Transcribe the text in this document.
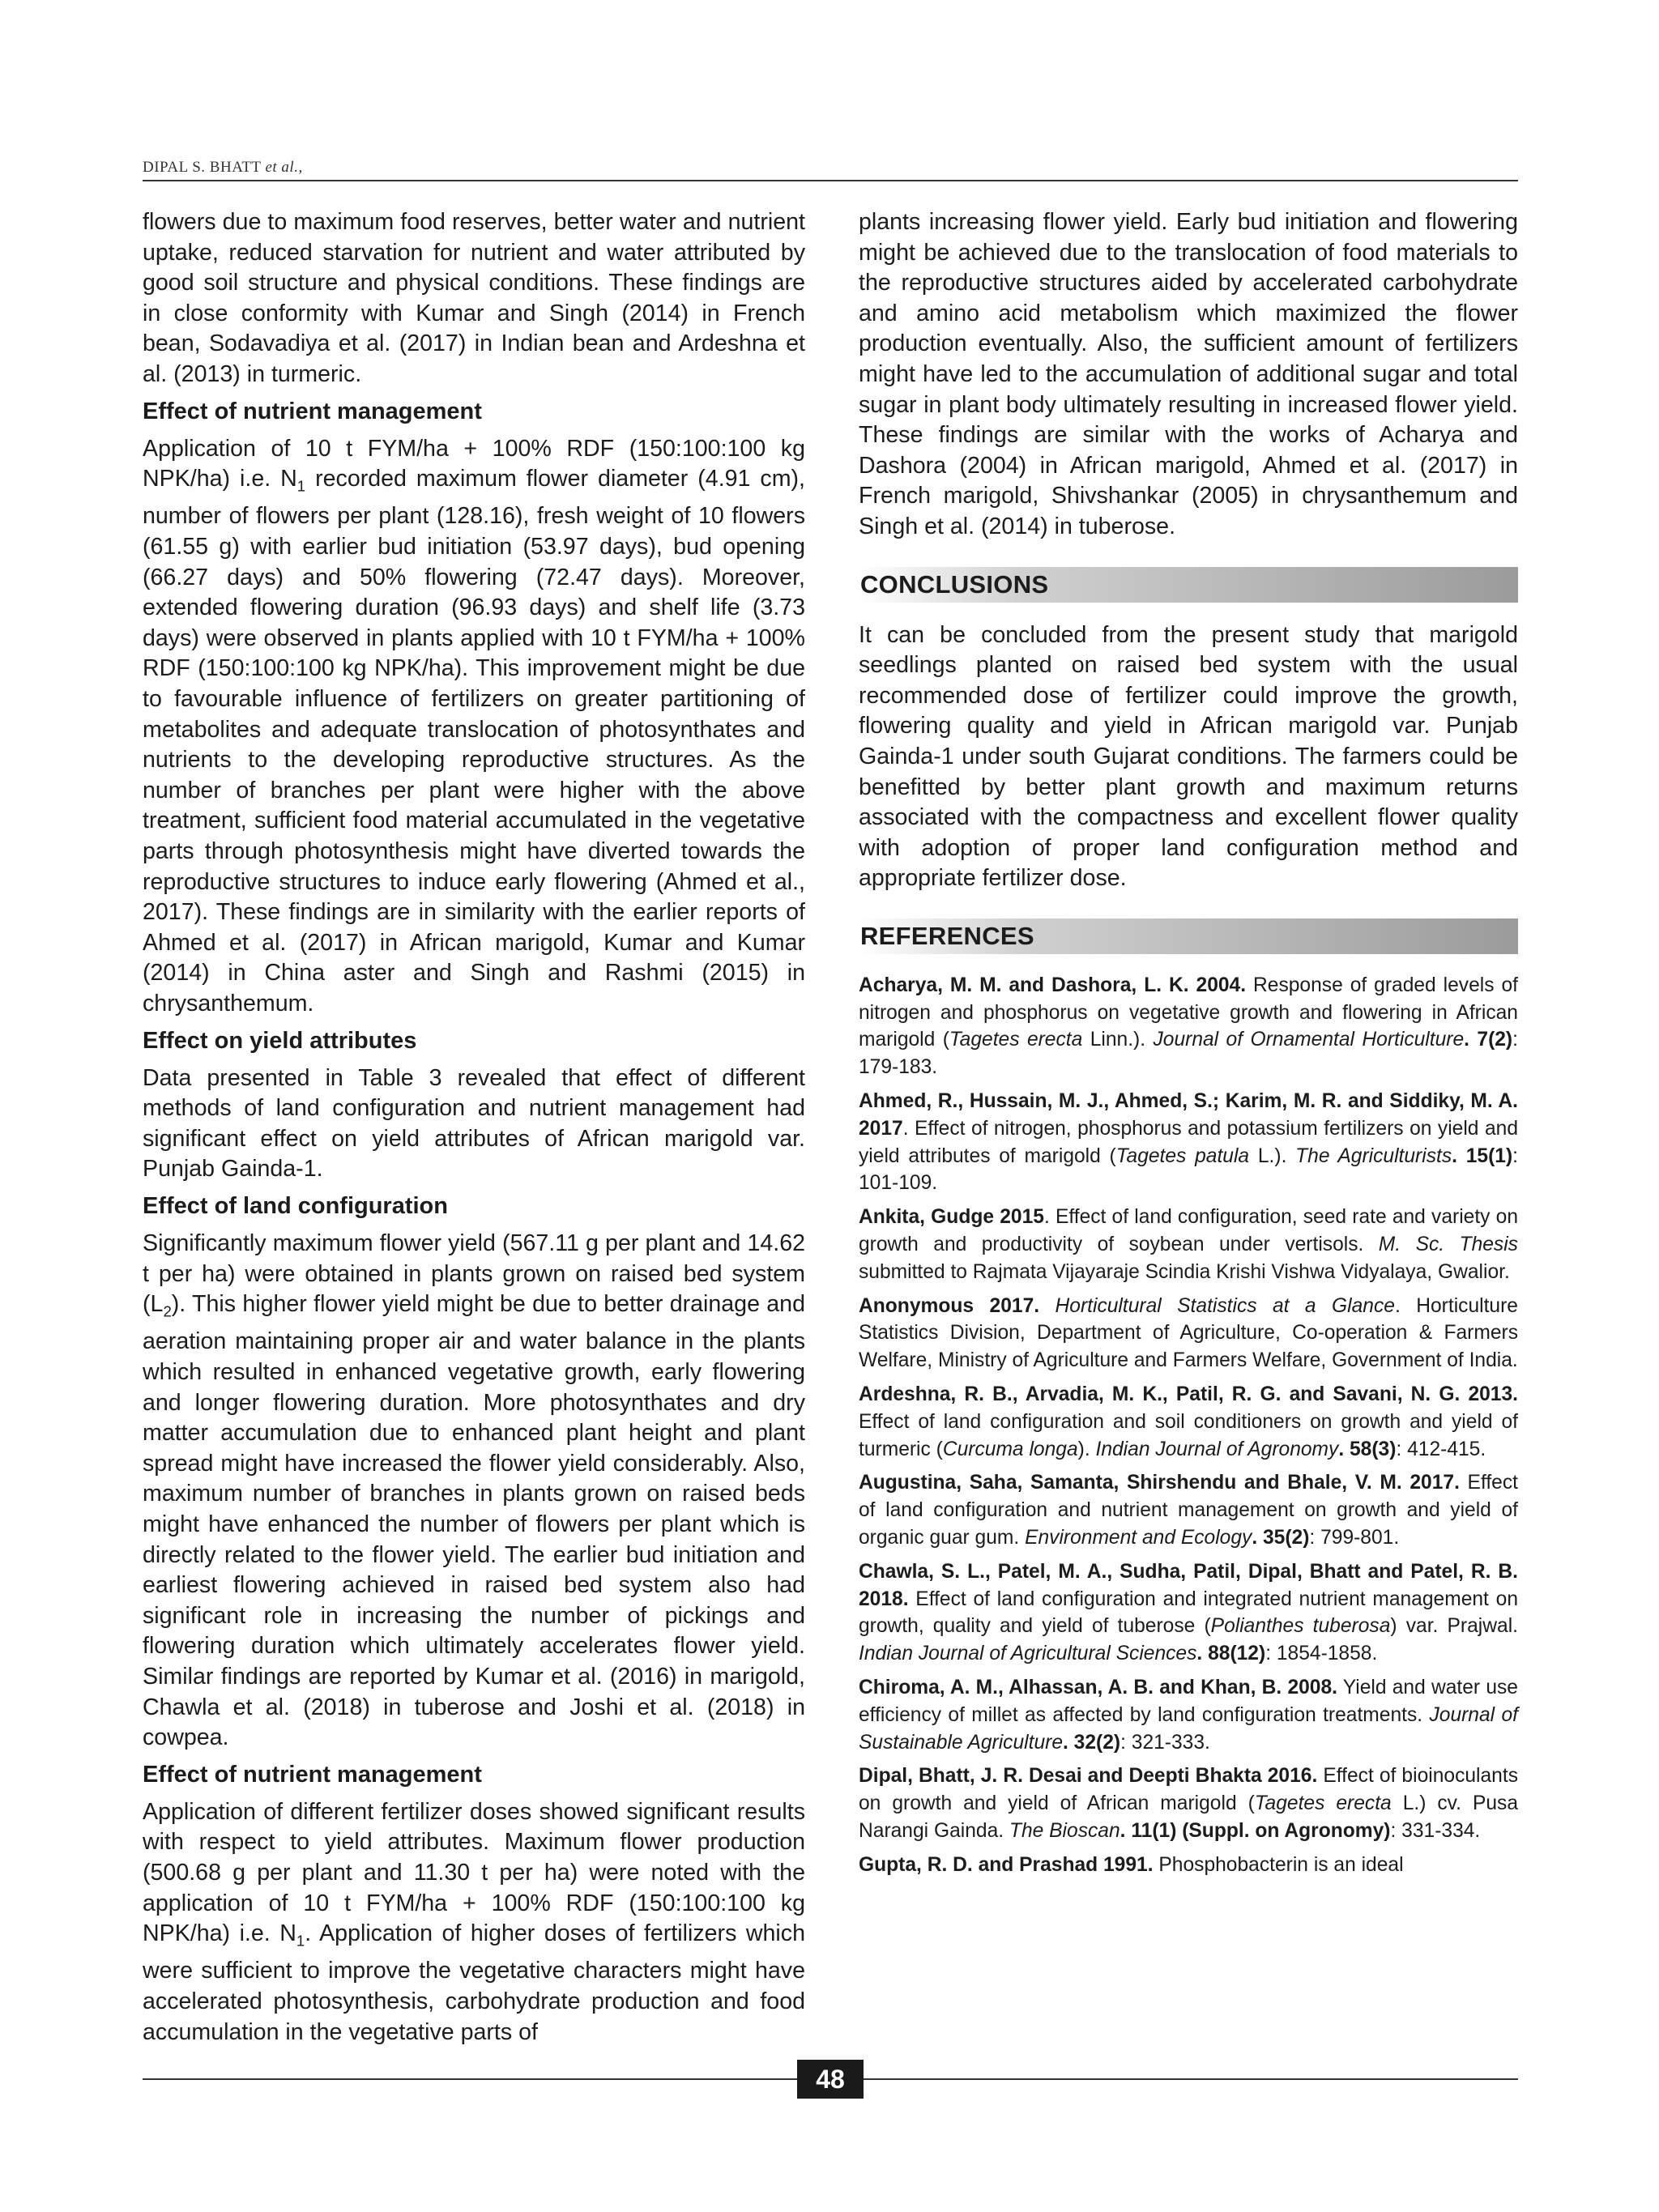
DIPAL S. BHATT et al.,

flowers due to maximum food reserves, better water and nutrient uptake, reduced starvation for nutrient and water attributed by good soil structure and physical conditions. These findings are in close conformity with Kumar and Singh (2014) in French bean, Sodavadiya et al. (2017) in Indian bean and Ardeshna et al. (2013) in turmeric.

Effect of nutrient management

Application of 10 t FYM/ha + 100% RDF (150:100:100 kg NPK/ha) i.e. $N_1$ recorded maximum flower diameter (4.91 cm), number of flowers per plant (128.16), fresh weight of 10 flowers (61.55 g) with earlier bud initiation (53.97 days), bud opening (66.27 days) and 50% flowering (72.47 days). Moreover, extended flowering duration (96.93 days) and shelf life (3.73 days) were observed in plants applied with 10 t FYM/ha + 100% RDF (150:100:100 kg NPK/ha). This improvement might be due to favourable influence of fertilizers on greater partitioning of metabolites and adequate translocation of photosynthates and nutrients to the developing reproductive structures. As the number of branches per plant were higher with the above treatment, sufficient food material accumulated in the vegetative parts through photosynthesis might have diverted towards the reproductive structures to induce early flowering (Ahmed et al., 2017). These findings are in similarity with the earlier reports of Ahmed et al. (2017) in African marigold, Kumar and Kumar (2014) in China aster and Singh and Rashmi (2015) in chrysanthemum.

Effect on yield attributes

Data presented in Table 3 revealed that effect of different methods of land configuration and nutrient management had significant effect on yield attributes of African marigold var. Punjab Gainda-1.

Effect of land configuration

Significantly maximum flower yield (567.11 g per plant and 14.62 t per ha) were obtained in plants grown on raised bed system $(L_2)$. This higher flower yield might be due to better drainage and aeration maintaining proper air and water balance in the plants which resulted in enhanced vegetative growth, early flowering and longer flowering duration. More photosynthates and dry matter accumulation due to enhanced plant height and plant spread might have increased the flower yield considerably. Also, maximum number of branches in plants grown on raised beds might have enhanced the number of flowers per plant which is directly related to the flower yield. The earlier bud initiation and earliest flowering achieved in raised bed system also had significant role in increasing the number of pickings and flowering duration which ultimately accelerates flower yield. Similar findings are reported by Kumar et al. (2016) in marigold, Chawla et al. (2018) in tuberose and Joshi et al. (2018) in cowpea.

Effect of nutrient management

Application of different fertilizer doses showed significant results with respect to yield attributes. Maximum flower production (500.68 g per plant and 11.30 t per ha) were noted with the application of 10 t FYM/ha + 100% RDF (150:100:100 kg NPK/ha) i.e. $N_1$. Application of higher doses of fertilizers which were sufficient to improve the vegetative characters might have accelerated photosynthesis, carbohydrate production and food accumulation in the vegetative parts of

plants increasing flower yield. Early bud initiation and flowering might be achieved due to the translocation of food materials to the reproductive structures aided by accelerated carbohydrate and amino acid metabolism which maximized the flower production eventually. Also, the sufficient amount of fertilizers might have led to the accumulation of additional sugar and total sugar in plant body ultimately resulting in increased flower yield. These findings are similar with the works of Acharya and Dashora (2004) in African marigold, Ahmed et al. (2017) in French marigold, Shivshankar (2005) in chrysanthemum and Singh et al. (2014) in tuberose.

CONCLUSIONS

It can be concluded from the present study that marigold seedlings planted on raised bed system with the usual recommended dose of fertilizer could improve the growth, flowering quality and yield in African marigold var. Punjab Gainda-1 under south Gujarat conditions. The farmers could be benefitted by better plant growth and maximum returns associated with the compactness and excellent flower quality with adoption of proper land configuration method and appropriate fertilizer dose.

REFERENCES

Acharya, M. M. and Dashora, L. K. 2004. Response of graded levels of nitrogen and phosphorus on vegetative growth and flowering in African marigold (Tagetes erecta Linn.). Journal of Ornamental Horticulture. 7(2): 179-183.

Ahmed, R., Hussain, M. J., Ahmed, S.; Karim, M. R. and Siddiky, M. A. 2017. Effect of nitrogen, phosphorus and potassium fertilizers on yield and yield attributes of marigold (Tagetes patula L.). The Agriculturists. 15(1): 101-109.

Ankita, Gudge 2015. Effect of land configuration, seed rate and variety on growth and productivity of soybean under vertisols. M. Sc. Thesis submitted to Rajmata Vijayaraje Scindia Krishi Vishwa Vidyalaya, Gwalior.

Anonymous 2017. Horticultural Statistics at a Glance. Horticulture Statistics Division, Department of Agriculture, Co-operation & Farmers Welfare, Ministry of Agriculture and Farmers Welfare, Government of India.

Ardeshna, R. B., Arvadia, M. K., Patil, R. G. and Savani, N. G. 2013. Effect of land configuration and soil conditioners on growth and yield of turmeric (Curcuma longa). Indian Journal of Agronomy. 58(3): 412-415.

Augustina, Saha, Samanta, Shirshendu and Bhale, V. M. 2017. Effect of land configuration and nutrient management on growth and yield of organic guar gum. Environment and Ecology. 35(2): 799-801.

Chawla, S. L., Patel, M. A., Sudha, Patil, Dipal, Bhatt and Patel, R. B. 2018. Effect of land configuration and integrated nutrient management on growth, quality and yield of tuberose (Polianthes tuberosa) var. Prajwal. Indian Journal of Agricultural Sciences. 88(12): 1854-1858.

Chiroma, A. M., Alhassan, A. B. and Khan, B. 2008. Yield and water use efficiency of millet as affected by land configuration treatments. Journal of Sustainable Agriculture. 32(2): 321-333.

Dipal, Bhatt, J. R. Desai and Deepti Bhakta 2016. Effect of bioinoculants on growth and yield of African marigold (Tagetes erecta L.) cv. Pusa Narangi Gainda. The Bioscan. 11(1) (Suppl. on Agronomy): 331-334.

Gupta, R. D. and Prashad 1991. Phosphobacterin is an ideal

48
